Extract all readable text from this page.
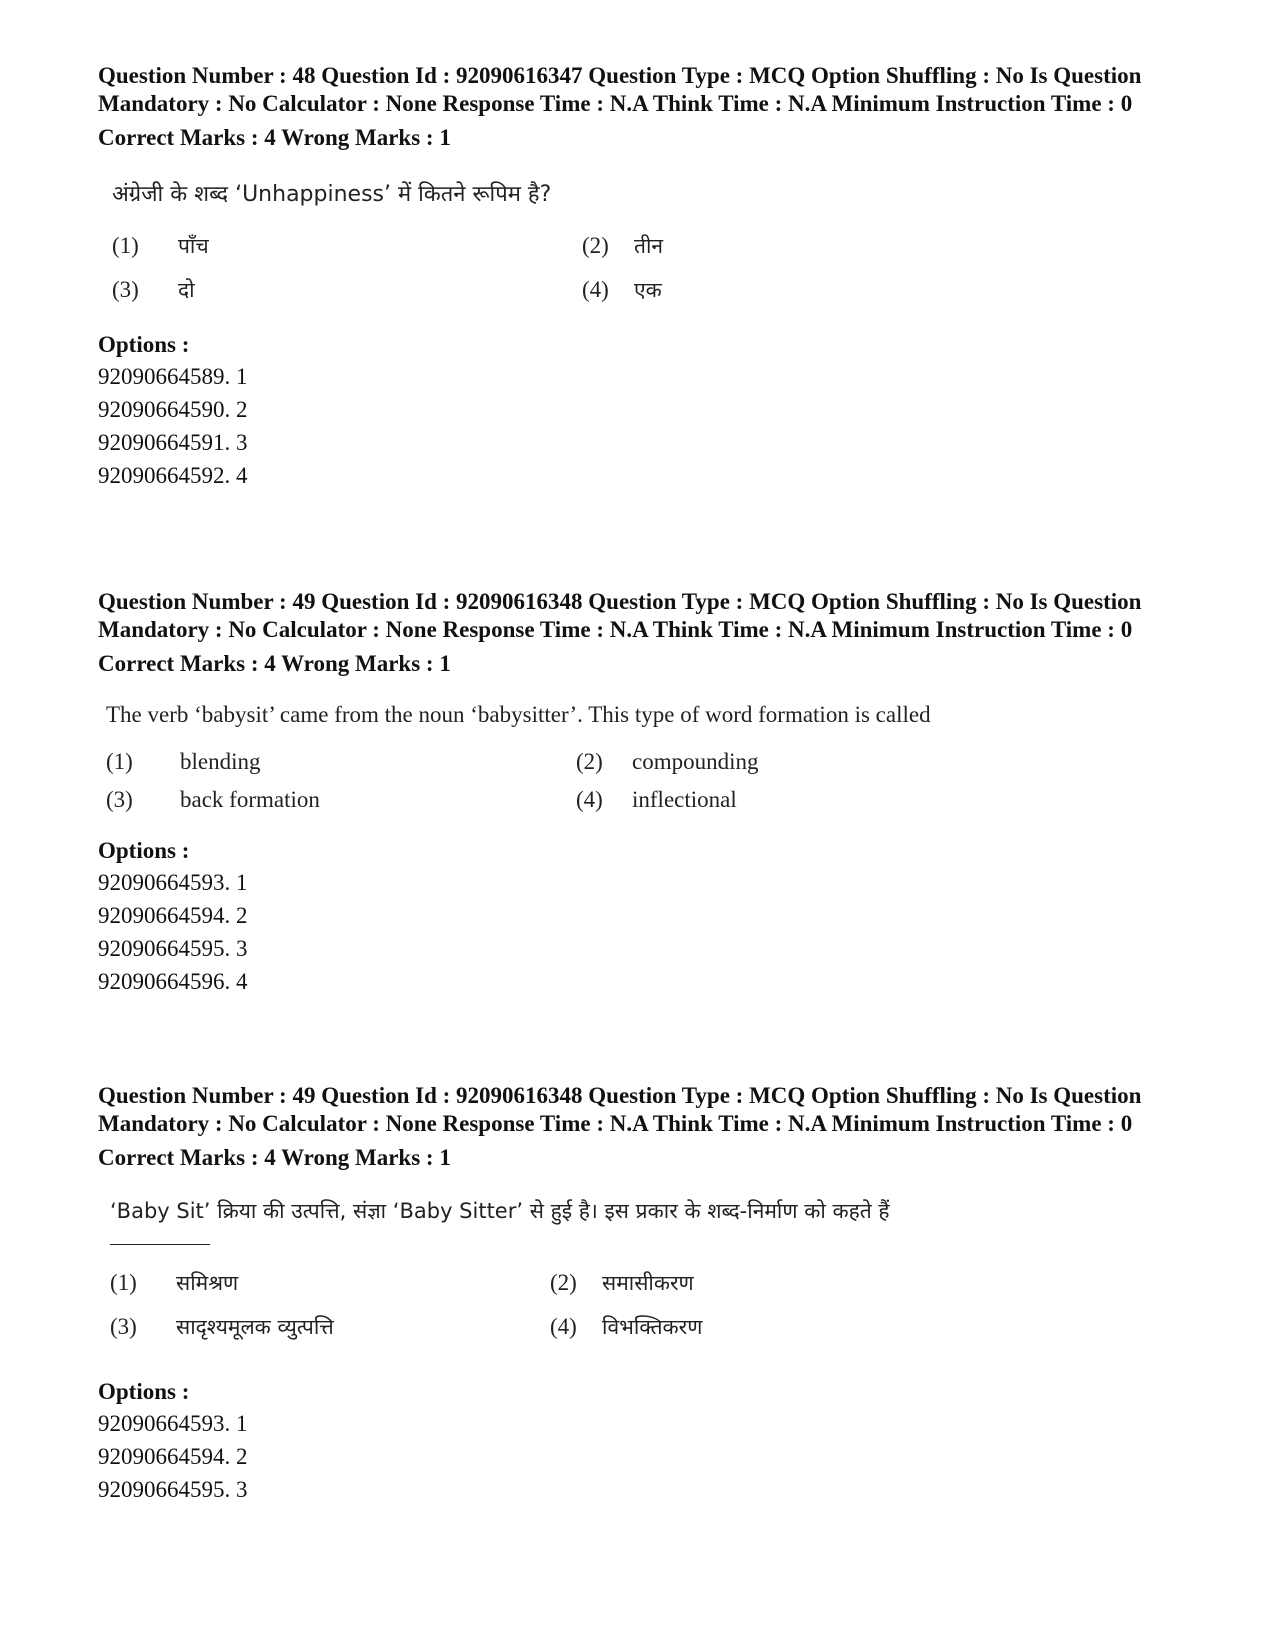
Question Number : 48 Question Id : 92090616347 Question Type : MCQ Option Shuffling : No Is Question Mandatory : No Calculator : None Response Time : N.A Think Time : N.A Minimum Instruction Time : 0

Correct Marks : 4 Wrong Marks : 1

अंग्रेजी के शब्द ‘Unhappiness’ में कितने रूपिम है?

(1)	पाँच	(2)	तीन
(3)	दो	(4)	एक

Options :

92090664589. 1

92090664590. 2

92090664591. 3

92090664592. 4

Question Number : 49 Question Id : 92090616348 Question Type : MCQ Option Shuffling : No Is Question Mandatory : No Calculator : None Response Time : N.A Think Time : N.A Minimum Instruction Time : 0

Correct Marks : 4 Wrong Marks : 1

The verb ‘babysit’ came from the noun ‘babysitter’. This type of word formation is called

(1)	blending	(2)	compounding
(3)	back formation	(4)	inflectional

Options :

92090664593. 1

92090664594. 2

92090664595. 3

92090664596. 4

Question Number : 49 Question Id : 92090616348 Question Type : MCQ Option Shuffling : No Is Question Mandatory : No Calculator : None Response Time : N.A Think Time : N.A Minimum Instruction Time : 0

Correct Marks : 4 Wrong Marks : 1

‘Baby Sit’ क्रिया की उत्पत्ति, संज्ञा ‘Baby Sitter’ से हुई है। इस प्रकार के शब्द-निर्माण को कहते हैं

(1)	समिश्रण	(2)	समासीकरण
(3)	सादृश्यमूलक व्युत्पत्ति	(4)	विभक्तिकरण

Options :

92090664593. 1

92090664594. 2

92090664595. 3
